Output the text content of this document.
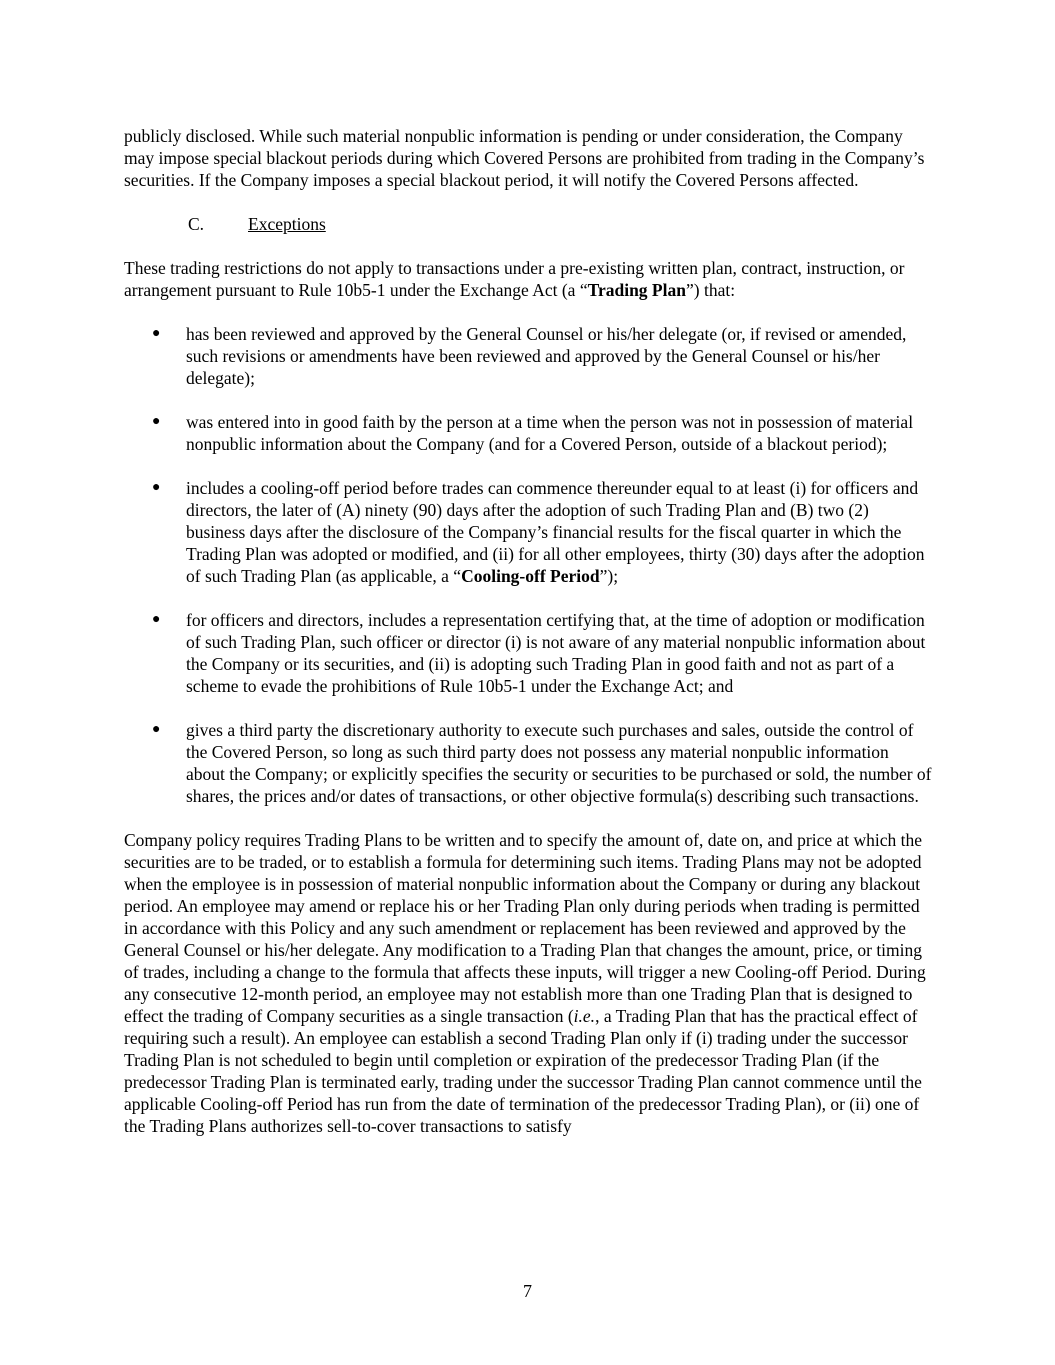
publicly disclosed. While such material nonpublic information is pending or under consideration, the Company may impose special blackout periods during which Covered Persons are prohibited from trading in the Company’s securities. If the Company imposes a special blackout period, it will notify the Covered Persons affected.

C.	Exceptions

These trading restrictions do not apply to transactions under a pre-existing written plan, contract, instruction, or arrangement pursuant to Rule 10b5-1 under the Exchange Act (a “Trading Plan”) that:

●	has been reviewed and approved by the General Counsel or his/her delegate (or, if revised or amended, such revisions or amendments have been reviewed and approved by the General Counsel or his/her delegate);
●	was entered into in good faith by the person at a time when the person was not in possession of material nonpublic information about the Company (and for a Covered Person, outside of a blackout period);
●	includes a cooling-off period before trades can commence thereunder equal to at least (i) for officers and directors, the later of (A) ninety (90) days after the adoption of such Trading Plan and (B) two (2) business days after the disclosure of the Company’s financial results for the fiscal quarter in which the Trading Plan was adopted or modified, and (ii) for all other employees, thirty (30) days after the adoption of such Trading Plan (as applicable, a “Cooling-off Period”);
●	for officers and directors, includes a representation certifying that, at the time of adoption or modification of such Trading Plan, such officer or director (i) is not aware of any material nonpublic information about the Company or its securities, and (ii) is adopting such Trading Plan in good faith and not as part of a scheme to evade the prohibitions of Rule 10b5-1 under the Exchange Act; and
●	gives a third party the discretionary authority to execute such purchases and sales, outside the control of the Covered Person, so long as such third party does not possess any material nonpublic information about the Company; or explicitly specifies the security or securities to be purchased or sold, the number of shares, the prices and/or dates of transactions, or other objective formula(s) describing such transactions.

Company policy requires Trading Plans to be written and to specify the amount of, date on, and price at which the securities are to be traded, or to establish a formula for determining such items. Trading Plans may not be adopted when the employee is in possession of material nonpublic information about the Company or during any blackout period. An employee may amend or replace his or her Trading Plan only during periods when trading is permitted in accordance with this Policy and any such amendment or replacement has been reviewed and approved by the General Counsel or his/her delegate. Any modification to a Trading Plan that changes the amount, price, or timing of trades, including a change to the formula that affects these inputs, will trigger a new Cooling-off Period. During any consecutive 12-month period, an employee may not establish more than one Trading Plan that is designed to effect the trading of Company securities as a single transaction (i.e., a Trading Plan that has the practical effect of requiring such a result). An employee can establish a second Trading Plan only if (i) trading under the successor Trading Plan is not scheduled to begin until completion or expiration of the predecessor Trading Plan (if the predecessor Trading Plan is terminated early, trading under the successor Trading Plan cannot commence until the applicable Cooling-off Period has run from the date of termination of the predecessor Trading Plan), or (ii) one of the Trading Plans authorizes sell-to-cover transactions to satisfy

7
